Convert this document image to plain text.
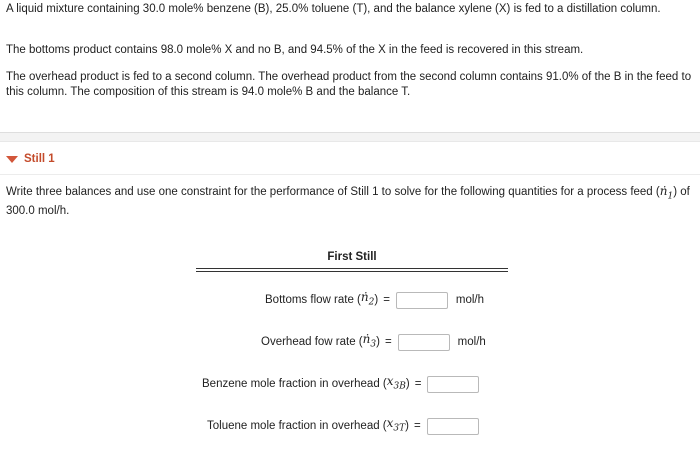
A liquid mixture containing 30.0 mole% benzene (B), 25.0% toluene (T), and the balance xylene (X) is fed to a distillation column.

The bottoms product contains 98.0 mole% X and no B, and 94.5% of the X in the feed is recovered in this stream.

The overhead product is fed to a second column. The overhead product from the second column contains 91.0% of the B in the feed to this column. The composition of this stream is 94.0 mole% B and the balance T.

Still 1

Write three balances and use one constraint for the performance of Still 1 to solve for the following quantities for a process feed (ṅ$_1$) of 300.0 mol/h.

First Still
Bottoms flow rate ( ṅ$_2$ ) =	mol/h
Overhead fow rate ( ṅ$_3$ ) =	mol/h
Benzene mole fraction in overhead ( $x_{3B}$ ) =
Toluene mole fraction in overhead ( $x_{3T}$ ) =
